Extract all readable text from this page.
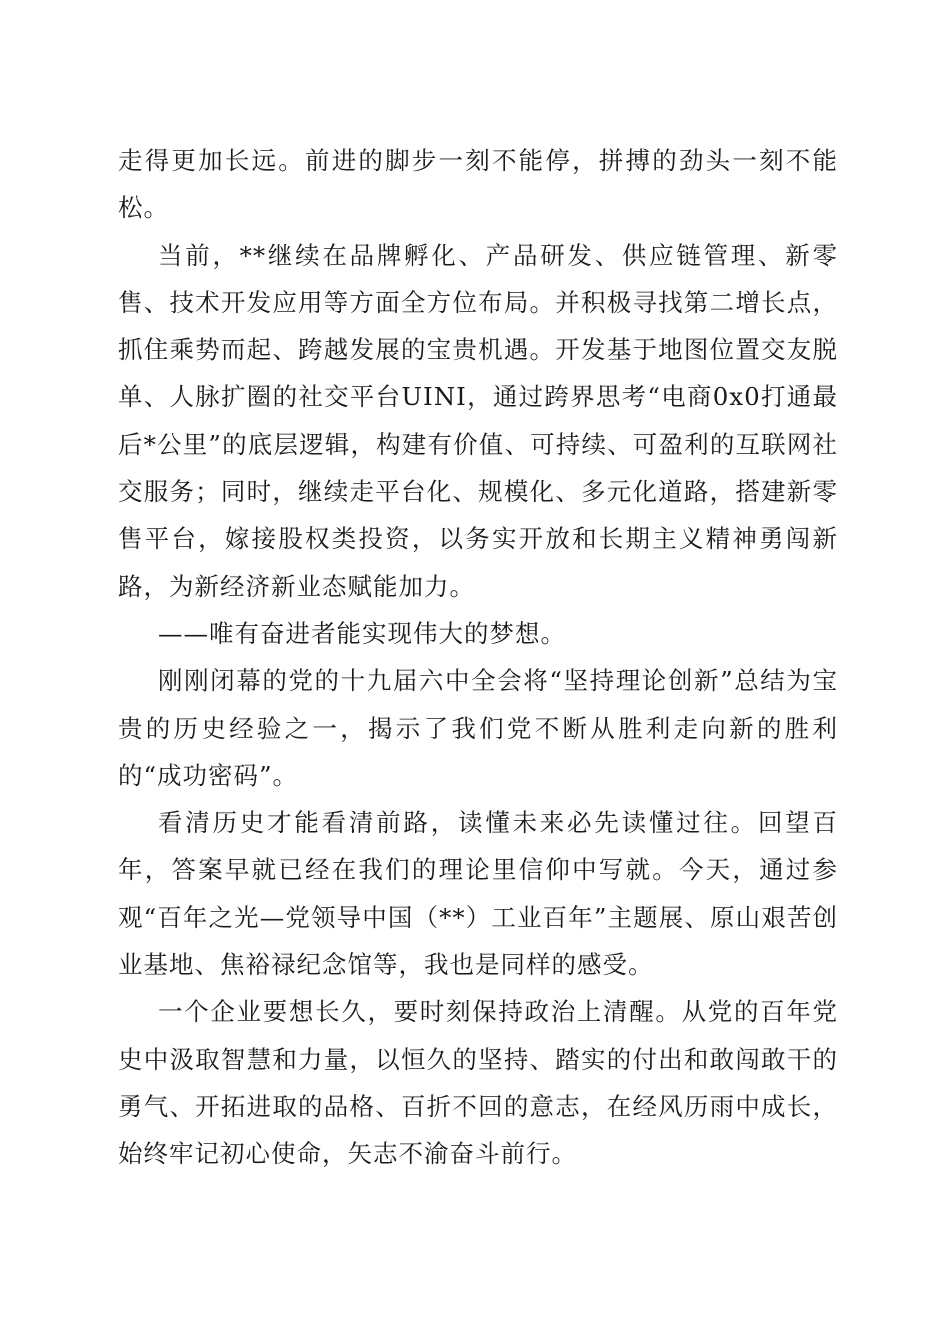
走得更加长远。前进的脚步一刻不能停，拼搏的劲头一刻不能松。

当前，**继续在品牌孵化、产品研发、供应链管理、新零售、技术开发应用等方面全方位布局。并积极寻找第二增长点，抓住乘势而起、跨越发展的宝贵机遇。开发基于地图位置交友脱单、人脉扩圈的社交平台UINI，通过跨界思考“电商0x0打通最后*公里”的底层逻辑，构建有价值、可持续、可盈利的互联网社交服务；同时，继续走平台化、规模化、多元化道路，搭建新零售平台，嫁接股权类投资，以务实开放和长期主义精神勇闯新路，为新经济新业态赋能加力。

——唯有奋进者能实现伟大的梦想。

刚刚闭幕的党的十九届六中全会将“坚持理论创新”总结为宝贵的历史经验之一，揭示了我们党不断从胜利走向新的胜利的“成功密码”。

看清历史才能看清前路，读懂未来必先读懂过往。回望百年，答案早就已经在我们的理论里信仰中写就。今天，通过参观“百年之光—党领导中国（**）工业百年”主题展、原山艰苦创业基地、焦裕禄纪念馆等，我也是同样的感受。

一个企业要想长久，要时刻保持政治上清醒。从党的百年党史中汲取智慧和力量，以恒久的坚持、踏实的付出和敢闯敢干的勇气、开拓进取的品格、百折不回的意志，在经风历雨中成长，始终牢记初心使命，矢志不渝奋斗前行。
